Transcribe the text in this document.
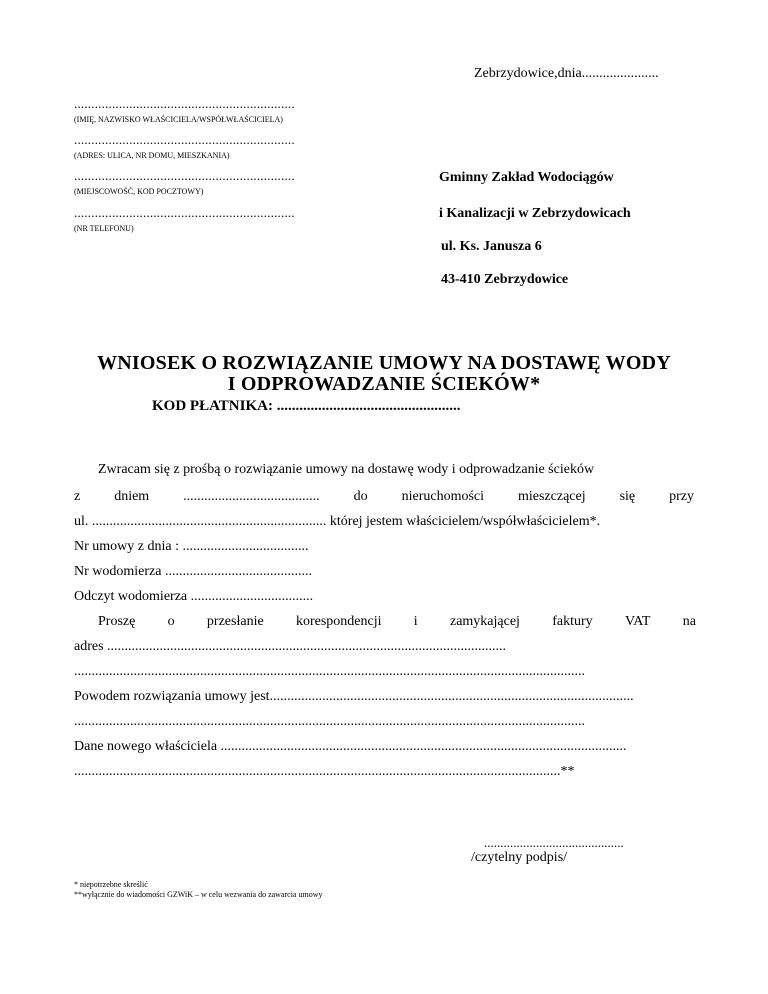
Zebrzydowice,dnia......................
................................................................
(IMIĘ, NAZWISKO WŁAŚCICIELA/WSPÓŁWŁAŚCICIELA)
................................................................
(ADRES: ULICA, NR DOMU, MIESZKANIA)
................................................................
(MIEJSCOWOŚĆ, KOD POCZTOWY)
................................................................
(NR TELEFONU)
Gminny Zakład Wodociągów
i Kanalizacji w Zebrzydowicach
ul. Ks. Janusza 6
43-410 Zebrzydowice
WNIOSEK O ROZWIĄZANIE UMOWY NA DOSTAWĘ WODY
I ODPROWADZANIE ŚCIEKÓW*
KOD PŁATNIKA: .................................................
Zwracam się z prośbą o rozwiązanie umowy na dostawę wody i odprowadzanie ścieków
z dniem ....................................... do nieruchomości mieszczącej się przy
ul. ................................................................... której jestem właścicielem/współwłaścicielem*.
Nr umowy z dnia : ....................................
Nr wodomierza ..........................................
Odczyt wodomierza ...................................
Proszę o przesłanie korespondencji i zamykającej faktury VAT na
adres ..................................................................................................................
..................................................................................................................................................
Powodem rozwiązania umowy jest........................................................................................................
..................................................................................................................................................
Dane nowego właściciela ....................................................................................................................
...........................................................................................................................................**
...........................................
/czytelny podpis/
* niepotrzebne skreślić
**wyłącznie do wiadomości GZWiK – w celu wezwania do zawarcia umowy
